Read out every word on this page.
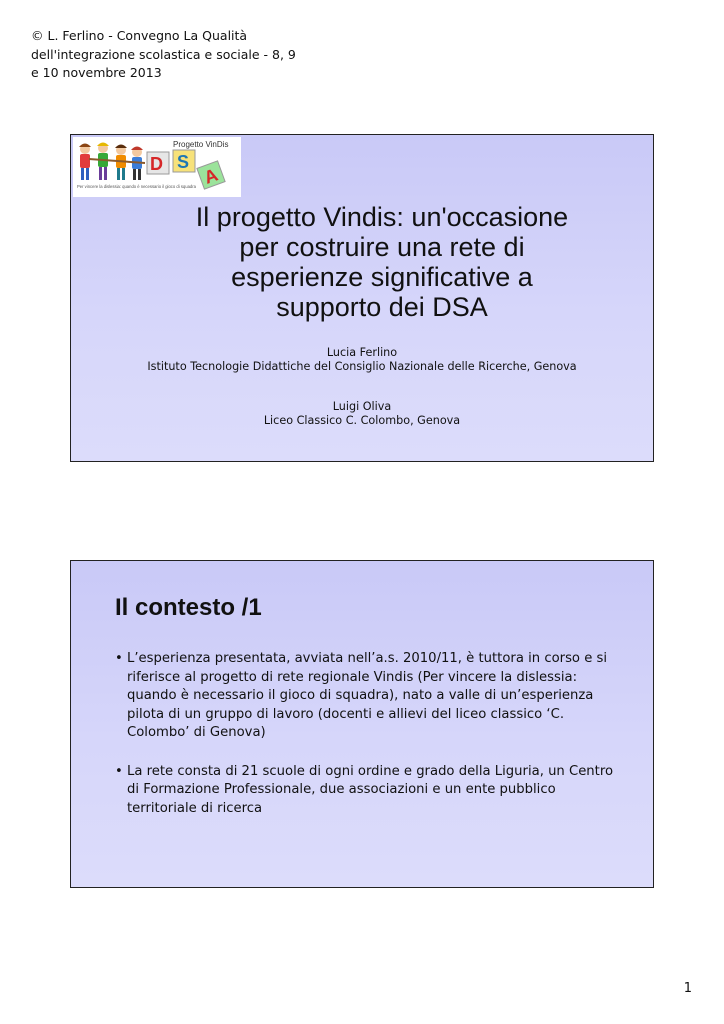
© L. Ferlino - Convegno La Qualità
dell'integrazione scolastica e sociale - 8, 9
e 10 novembre 2013
Progetto VinDis
D S
A
Per vincere la dislessia: quando è necessario il gioco di squadra
Il progetto Vindis: un'occasione
per costruire una rete di
esperienze significative a
supporto dei DSA
Lucia Ferlino
Istituto Tecnologie Didattiche del Consiglio Nazionale delle Ricerche, Genova
Luigi Oliva
Liceo Classico C. Colombo, Genova
Il contesto /1
• L’esperienza presentata, avviata nell’a.s. 2010/11, è tuttora in corso e si riferisce al progetto di rete regionale Vindis (Per vincere la dislessia: quando è necessario il gioco di squadra), nato a valle di un’esperienza pilota di un gruppo di lavoro (docenti e allievi del liceo classico ‘C. Colombo’ di Genova)
• La rete consta di 21 scuole di ogni ordine e grado della Liguria, un Centro di Formazione Professionale, due associazioni e un ente pubblico territoriale di ricerca
1
